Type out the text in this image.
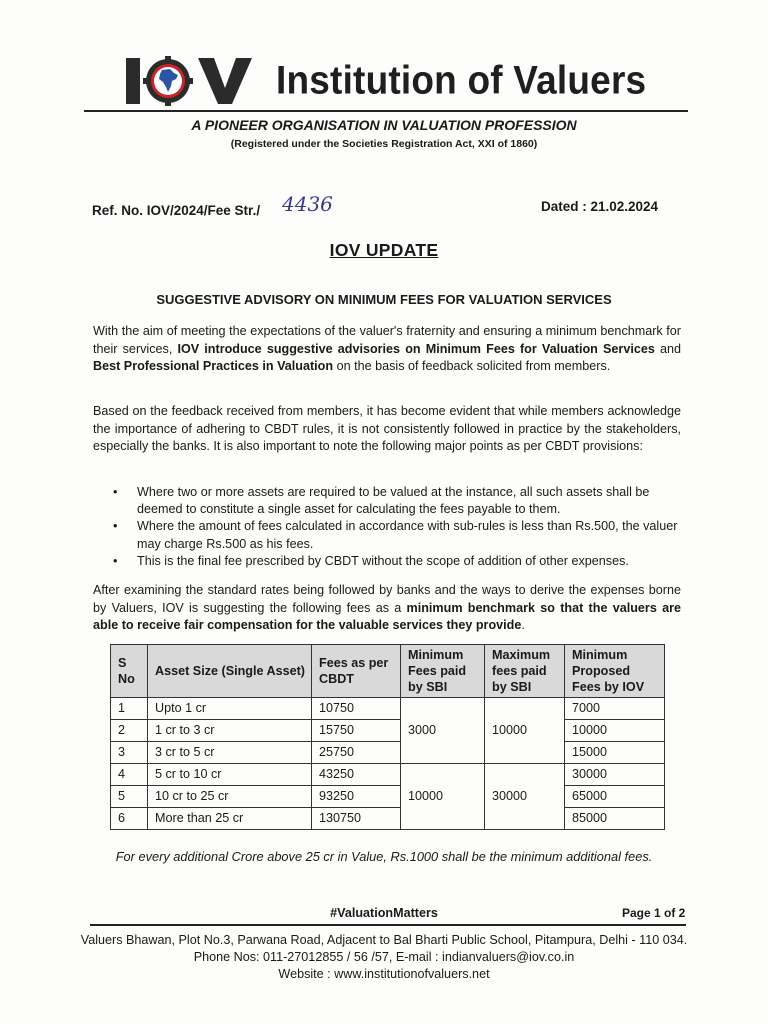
Institution of Valuers
A PIONEER ORGANISATION IN VALUATION PROFESSION
(Registered under the Societies Registration Act, XXI of 1860)
Ref. No. IOV/2024/Fee Str./ 4436	Dated : 21.02.2024
IOV UPDATE
SUGGESTIVE ADVISORY ON MINIMUM FEES FOR VALUATION SERVICES
With the aim of meeting the expectations of the valuer's fraternity and ensuring a minimum benchmark for their services, IOV introduce suggestive advisories on Minimum Fees for Valuation Services and Best Professional Practices in Valuation on the basis of feedback solicited from members.
Based on the feedback received from members, it has become evident that while members acknowledge the importance of adhering to CBDT rules, it is not consistently followed in practice by the stakeholders, especially the banks. It is also important to note the following major points as per CBDT provisions:
• Where two or more assets are required to be valued at the instance, all such assets shall be deemed to constitute a single asset for calculating the fees payable to them.
• Where the amount of fees calculated in accordance with sub-rules is less than Rs.500, the valuer may charge Rs.500 as his fees.
• This is the final fee prescribed by CBDT without the scope of addition of other expenses.
After examining the standard rates being followed by banks and the ways to derive the expenses borne by Valuers, IOV is suggesting the following fees as a minimum benchmark so that the valuers are able to receive fair compensation for the valuable services they provide.
S No	Asset Size (Single Asset)	Fees as per CBDT	Minimum Fees paid by SBI	Maximum fees paid by SBI	Minimum Proposed Fees by IOV
1	Upto 1 cr	10750	3000	10000	7000
2	1 cr to 3 cr	15750			10000
3	3 cr to 5 cr	25750			15000
4	5 cr to 10 cr	43250	10000	30000	30000
5	10 cr to 25 cr	93250			65000
6	More than 25 cr	130750			85000
For every additional Crore above 25 cr in Value, Rs.1000 shall be the minimum additional fees.
#ValuationMatters	Page 1 of 2
Valuers Bhawan, Plot No.3, Parwana Road, Adjacent to Bal Bharti Public School, Pitampura, Delhi - 110 034.
Phone Nos: 011-27012855 / 56 /57, E-mail : indianvaluers@iov.co.in
Website : www.institutionofvaluers.net
